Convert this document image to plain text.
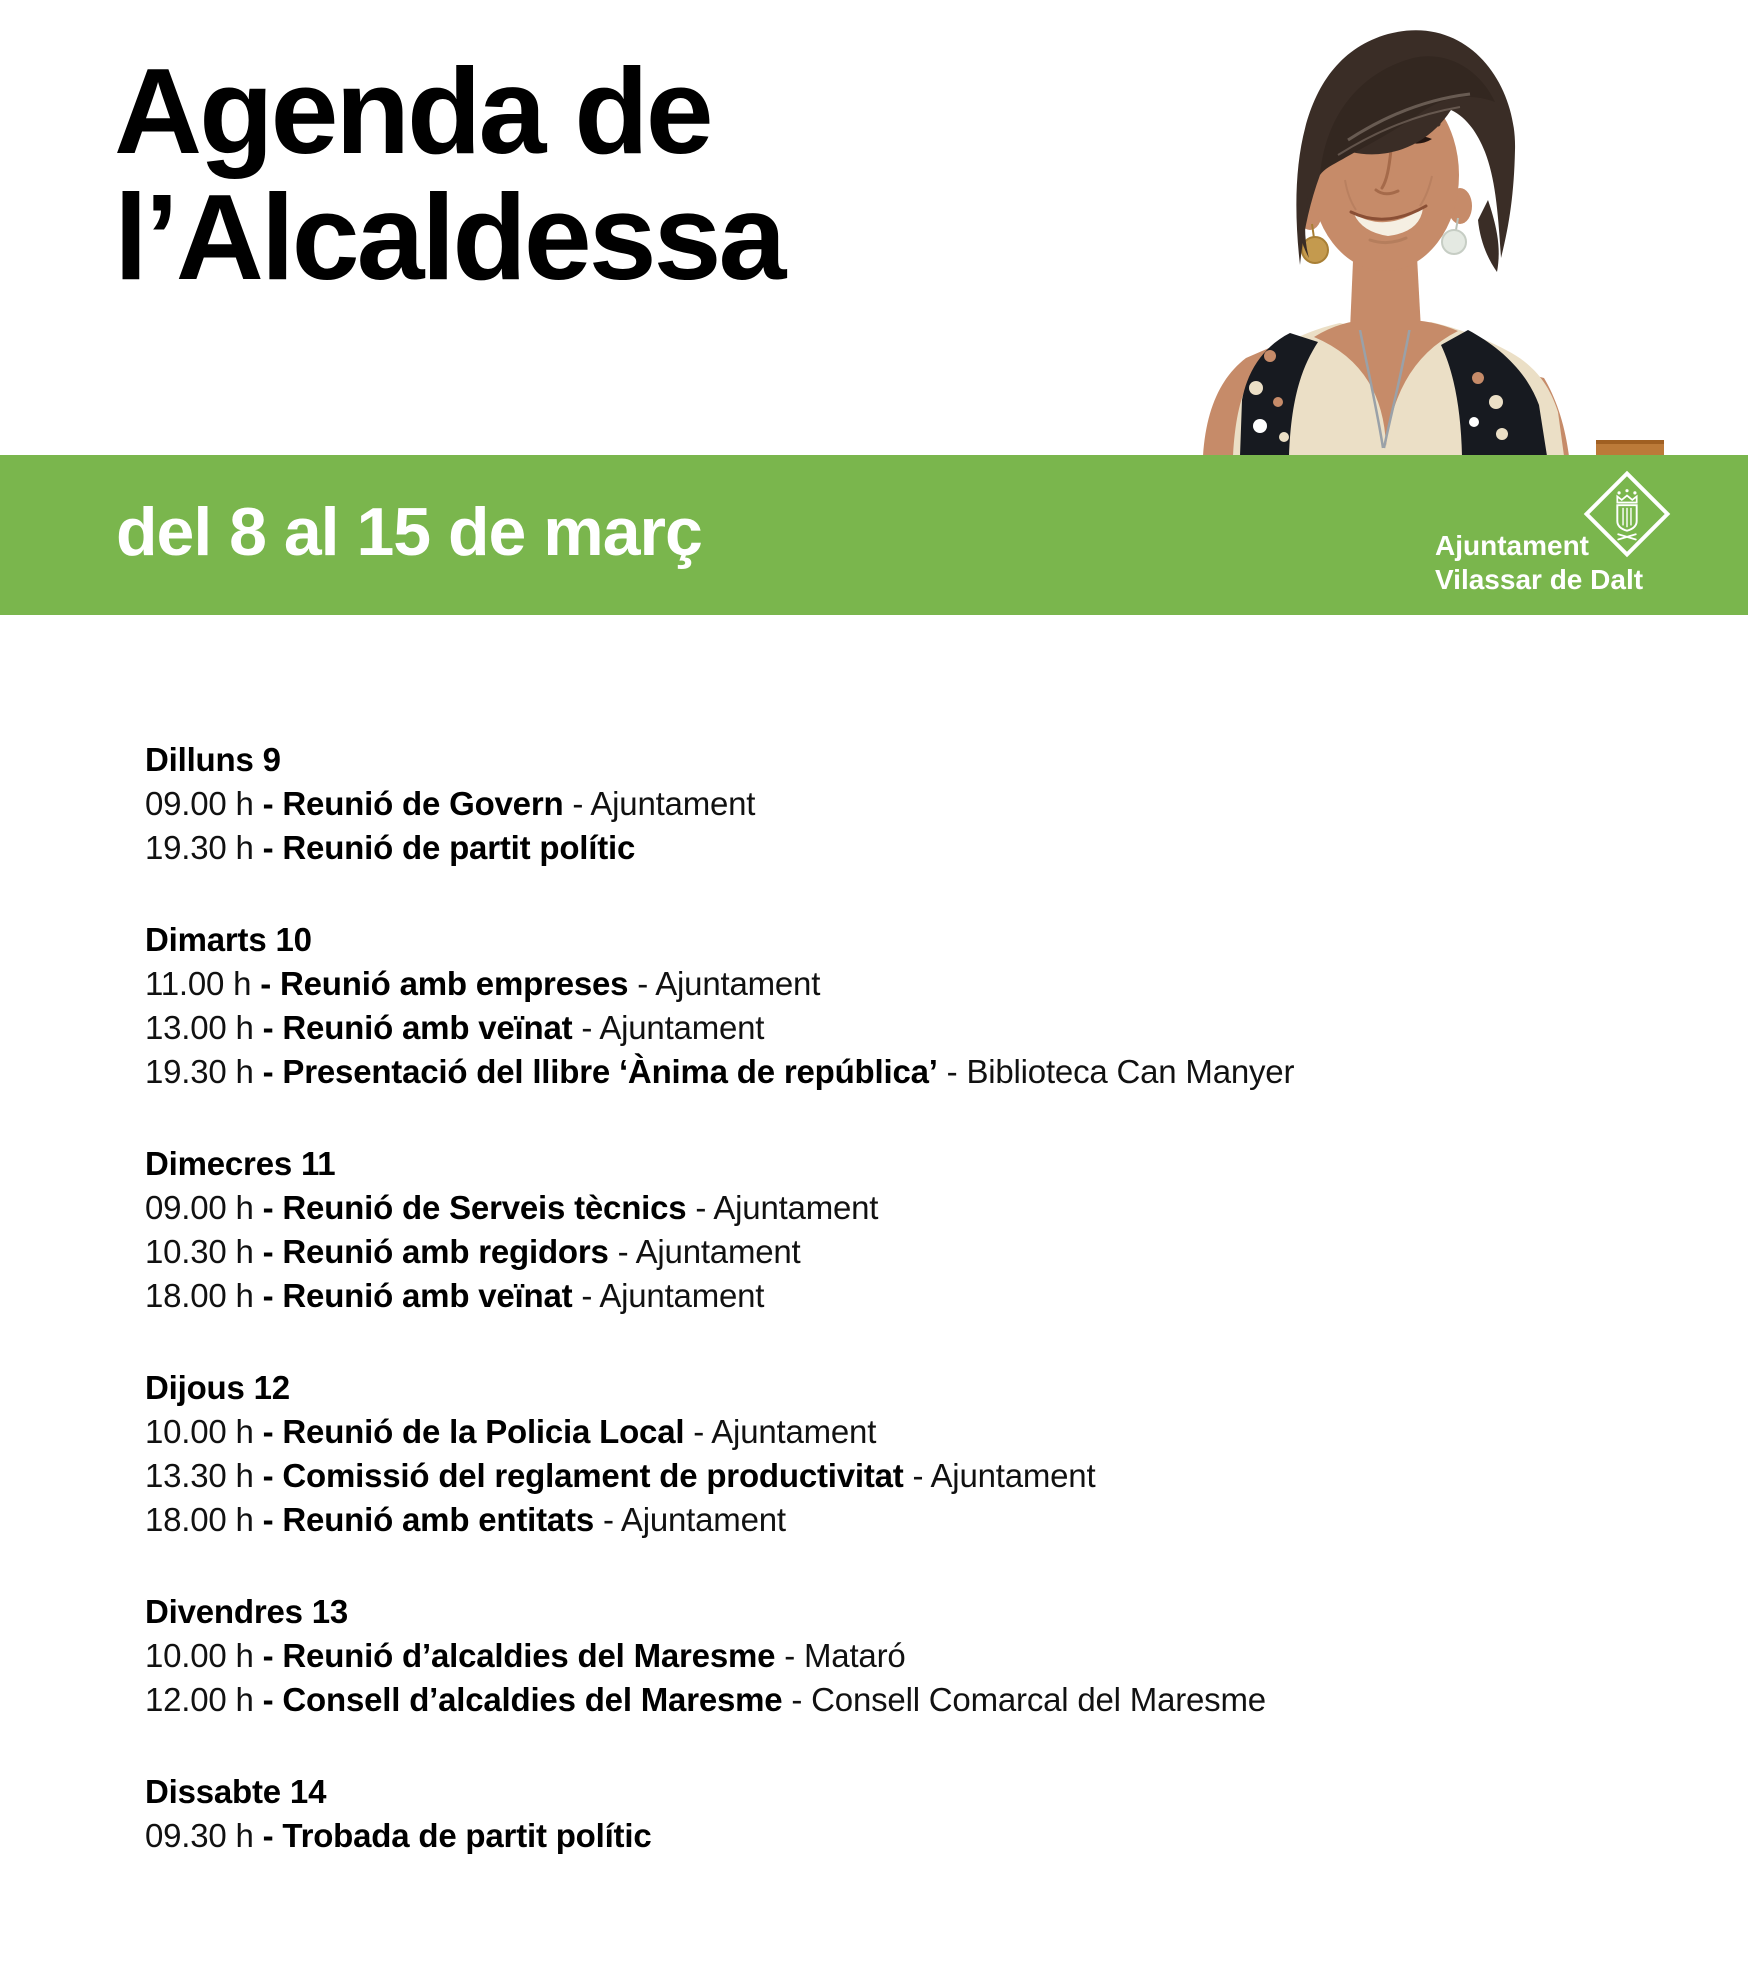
Agenda de
l’Alcaldessa
del 8 al 15 de març	Ajuntament
Vilassar de Dalt
Dilluns 9

09.00 h - Reunió de Govern - Ajuntament

19.30 h - Reunió de partit polític

Dimarts 10

11.00 h - Reunió amb empreses - Ajuntament

13.00 h - Reunió amb veïnat - Ajuntament

19.30 h - Presentació del llibre ‘Ànima de república’ - Biblioteca Can Manyer

Dimecres 11

09.00 h - Reunió de Serveis tècnics - Ajuntament

10.30 h - Reunió amb regidors - Ajuntament

18.00 h - Reunió amb veïnat - Ajuntament

Dijous 12

10.00 h - Reunió de la Policia Local - Ajuntament

13.30 h - Comissió del reglament de productivitat - Ajuntament

18.00 h - Reunió amb entitats - Ajuntament

Divendres 13

10.00 h - Reunió d’alcaldies del Maresme - Mataró

12.00 h - Consell d’alcaldies del Maresme - Consell Comarcal del Maresme

Dissabte 14

09.30 h - Trobada de partit polític
